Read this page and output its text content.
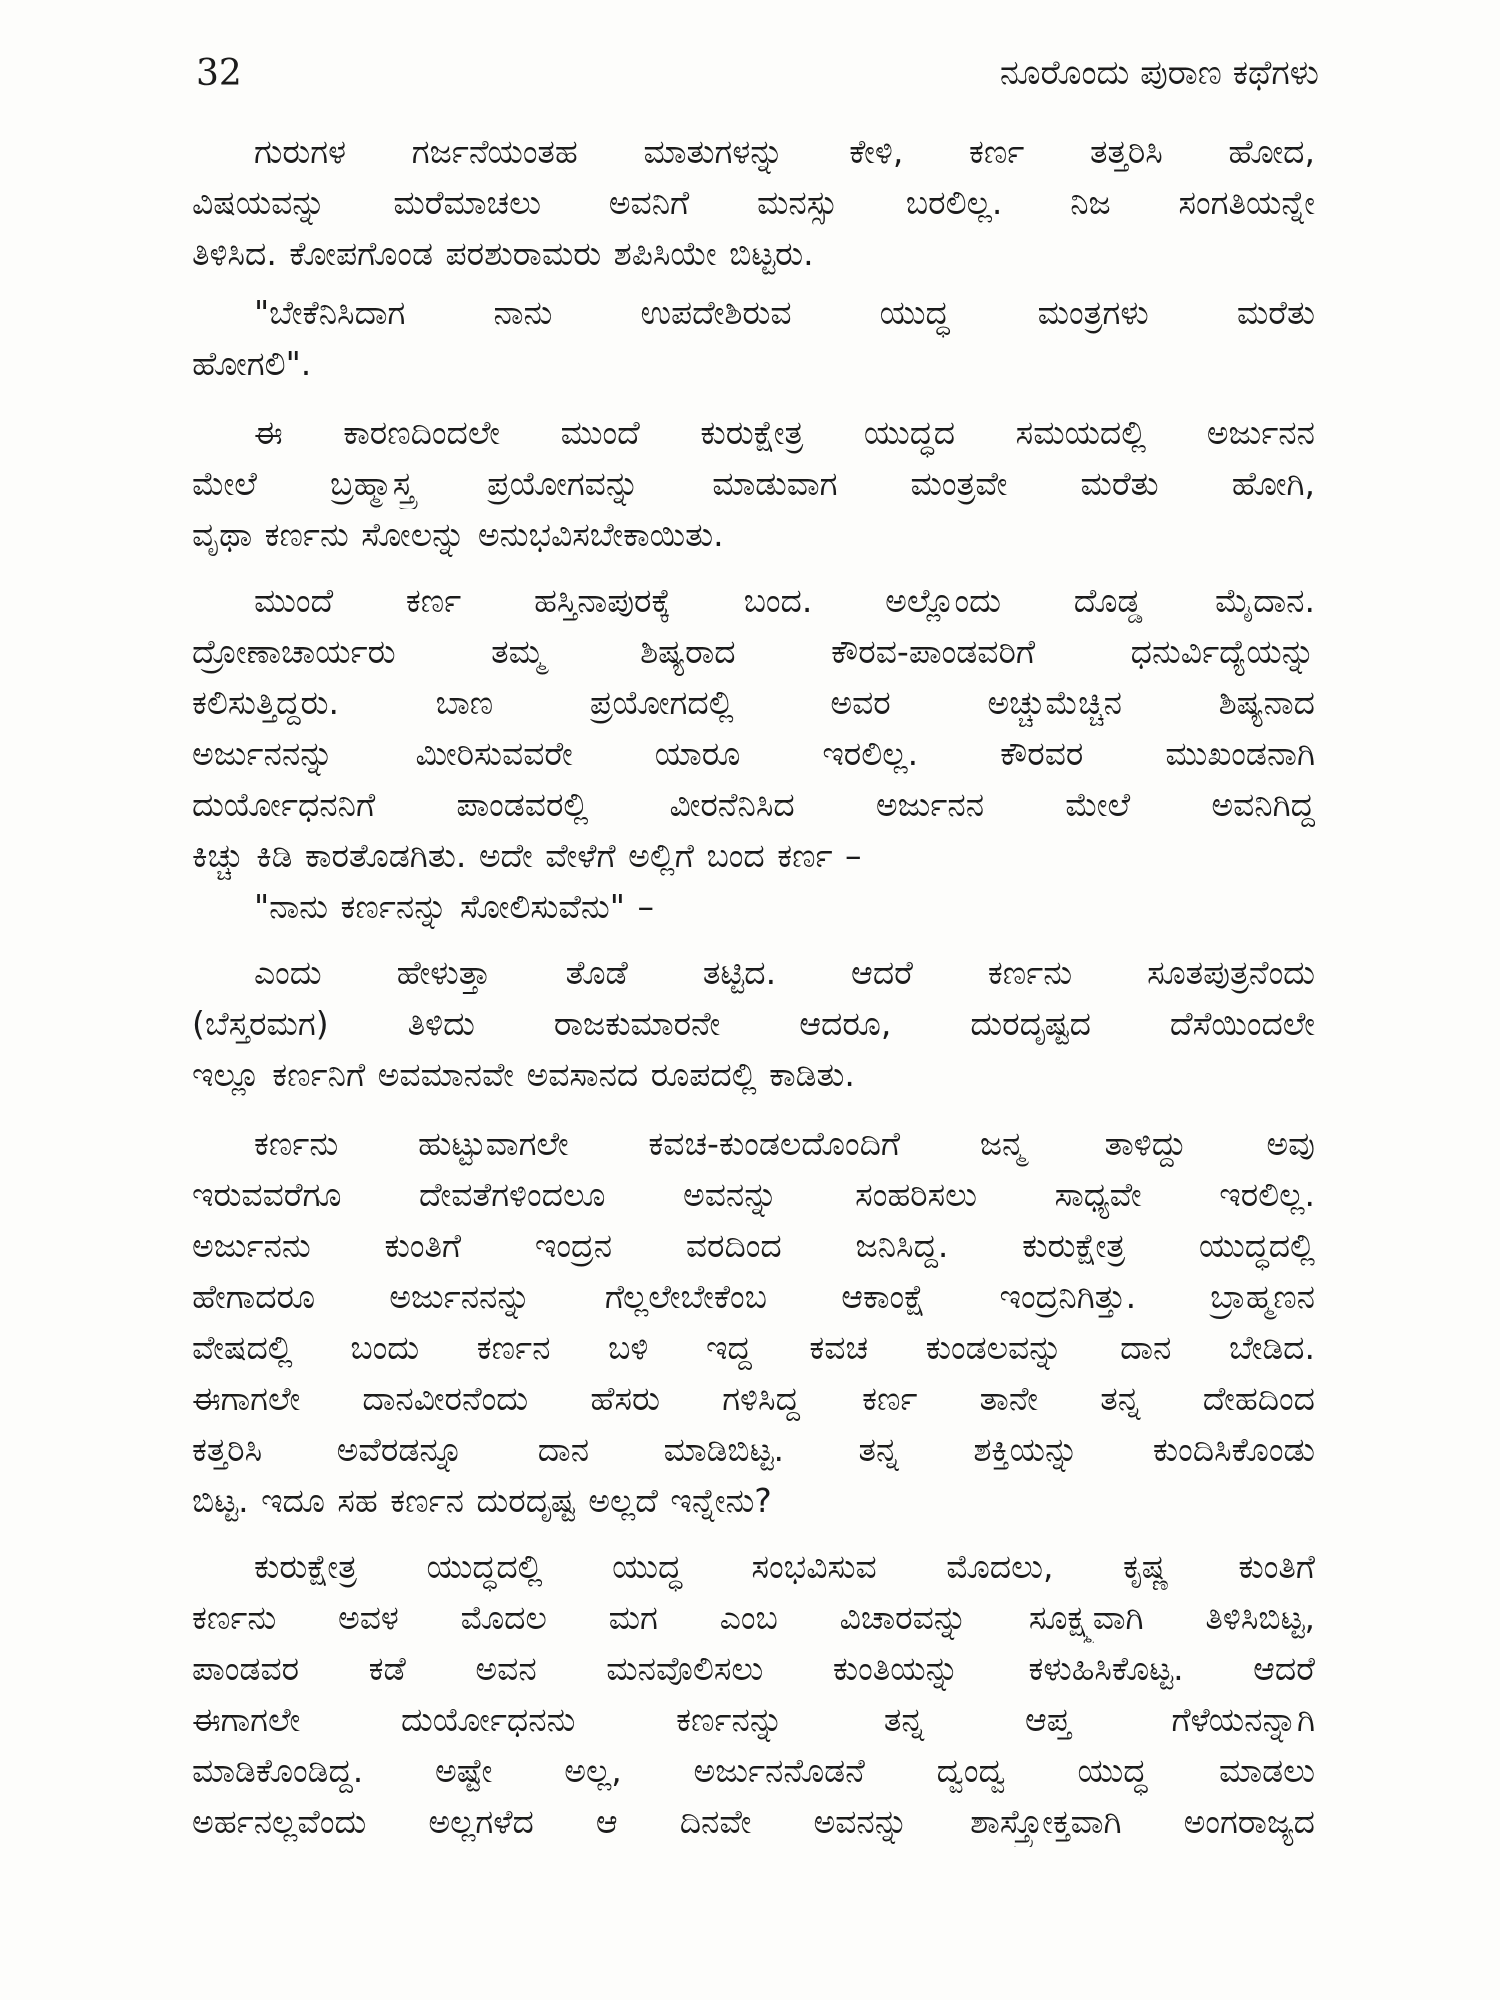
32	ನೂರೊಂದು ಪುರಾಣ ಕಥೆಗಳು
ಗುರುಗಳ ಗರ್ಜನೆಯಂತಹ ಮಾತುಗಳನ್ನು ಕೇಳಿ, ಕರ್ಣ ತತ್ತರಿಸಿ ಹೋದ,
ವಿಷಯವನ್ನು ಮರೆಮಾಚಲು ಅವನಿಗೆ ಮನಸ್ಸು ಬರಲಿಲ್ಲ. ನಿಜ ಸಂಗತಿಯನ್ನೇ
ತಿಳಿಸಿದ. ಕೋಪಗೊಂಡ ಪರಶುರಾಮರು ಶಪಿಸಿಯೇ ಬಿಟ್ಟರು.
"ಬೇಕೆನಿಸಿದಾಗ ನಾನು ಉಪದೇಶಿರುವ ಯುದ್ಧ ಮಂತ್ರಗಳು ಮರೆತು
ಹೋಗಲಿ".
ಈ ಕಾರಣದಿಂದಲೇ ಮುಂದೆ ಕುರುಕ್ಷೇತ್ರ ಯುದ್ಧದ ಸಮಯದಲ್ಲಿ ಅರ್ಜುನನ
ಮೇಲೆ ಬ್ರಹ್ಮಾಸ್ತ್ರ ಪ್ರಯೋಗವನ್ನು ಮಾಡುವಾಗ ಮಂತ್ರವೇ ಮರೆತು ಹೋಗಿ,
ವೃಥಾ ಕರ್ಣನು ಸೋಲನ್ನು ಅನುಭವಿಸಬೇಕಾಯಿತು.
ಮುಂದೆ ಕರ್ಣ ಹಸ್ತಿನಾಪುರಕ್ಕೆ ಬಂದ. ಅಲ್ಲೊಂದು ದೊಡ್ಡ ಮೈದಾನ.
ದ್ರೋಣಾಚಾರ್ಯರು ತಮ್ಮ ಶಿಷ್ಯರಾದ ಕೌರವ-ಪಾಂಡವರಿಗೆ ಧನುರ್ವಿದ್ಯೆಯನ್ನು
ಕಲಿಸುತ್ತಿದ್ದರು. ಬಾಣ ಪ್ರಯೋಗದಲ್ಲಿ ಅವರ ಅಚ್ಚುಮೆಚ್ಚಿನ ಶಿಷ್ಯನಾದ
ಅರ್ಜುನನನ್ನು ಮೀರಿಸುವವರೇ ಯಾರೂ ಇರಲಿಲ್ಲ. ಕೌರವರ ಮುಖಂಡನಾಗಿ
ದುರ್ಯೋಧನನಿಗೆ ಪಾಂಡವರಲ್ಲಿ ವೀರನೆನಿಸಿದ ಅರ್ಜುನನ ಮೇಲೆ ಅವನಿಗಿದ್ದ
ಕಿಚ್ಚು ಕಿಡಿ ಕಾರತೊಡಗಿತು. ಅದೇ ವೇಳೆಗೆ ಅಲ್ಲಿಗೆ ಬಂದ ಕರ್ಣ –
"ನಾನು ಕರ್ಣನನ್ನು ಸೋಲಿಸುವೆನು" –
ಎಂದು ಹೇಳುತ್ತಾ ತೊಡೆ ತಟ್ಟಿದ. ಆದರೆ ಕರ್ಣನು ಸೂತಪುತ್ರನೆಂದು
(ಬೆಸ್ತರಮಗ) ತಿಳಿದು ರಾಜಕುಮಾರನೇ ಆದರೂ, ದುರದೃಷ್ಟದ ದೆಸೆಯಿಂದಲೇ
ಇಲ್ಲೂ ಕರ್ಣನಿಗೆ ಅವಮಾನವೇ ಅವಸಾನದ ರೂಪದಲ್ಲಿ ಕಾಡಿತು.
ಕರ್ಣನು ಹುಟ್ಟುವಾಗಲೇ ಕವಚ-ಕುಂಡಲದೊಂದಿಗೆ ಜನ್ಮ ತಾಳಿದ್ದು ಅವು
ಇರುವವರೆಗೂ ದೇವತೆಗಳಿಂದಲೂ ಅವನನ್ನು ಸಂಹರಿಸಲು ಸಾಧ್ಯವೇ ಇರಲಿಲ್ಲ.
ಅರ್ಜುನನು ಕುಂತಿಗೆ ಇಂದ್ರನ ವರದಿಂದ ಜನಿಸಿದ್ದ. ಕುರುಕ್ಷೇತ್ರ ಯುದ್ಧದಲ್ಲಿ
ಹೇಗಾದರೂ ಅರ್ಜುನನನ್ನು ಗೆಲ್ಲಲೇಬೇಕೆಂಬ ಆಕಾಂಕ್ಷೆ ಇಂದ್ರನಿಗಿತ್ತು. ಬ್ರಾಹ್ಮಣನ
ವೇಷದಲ್ಲಿ ಬಂದು ಕರ್ಣನ ಬಳಿ ಇದ್ದ ಕವಚ ಕುಂಡಲವನ್ನು ದಾನ ಬೇಡಿದ.
ಈಗಾಗಲೇ ದಾನವೀರನೆಂದು ಹೆಸರು ಗಳಿಸಿದ್ದ ಕರ್ಣ ತಾನೇ ತನ್ನ ದೇಹದಿಂದ
ಕತ್ತರಿಸಿ ಅವೆರಡನ್ನೂ ದಾನ ಮಾಡಿಬಿಟ್ಟ. ತನ್ನ ಶಕ್ತಿಯನ್ನು ಕುಂದಿಸಿಕೊಂಡು
ಬಿಟ್ಟ. ಇದೂ ಸಹ ಕರ್ಣನ ದುರದೃಷ್ಟ ಅಲ್ಲದೆ ಇನ್ನೇನು?
ಕುರುಕ್ಷೇತ್ರ ಯುದ್ಧದಲ್ಲಿ ಯುದ್ಧ ಸಂಭವಿಸುವ ಮೊದಲು, ಕೃಷ್ಣ ಕುಂತಿಗೆ
ಕರ್ಣನು ಅವಳ ಮೊದಲ ಮಗ ಎಂಬ ವಿಚಾರವನ್ನು ಸೂಕ್ಷ್ಮವಾಗಿ ತಿಳಿಸಿಬಿಟ್ಟ,
ಪಾಂಡವರ ಕಡೆ ಅವನ ಮನವೊಲಿಸಲು ಕುಂತಿಯನ್ನು ಕಳುಹಿಸಿಕೊಟ್ಟ. ಆದರೆ
ಈಗಾಗಲೇ ದುರ್ಯೋಧನನು ಕರ್ಣನನ್ನು ತನ್ನ ಆಪ್ತ ಗೆಳೆಯನನ್ನಾಗಿ
ಮಾಡಿಕೊಂಡಿದ್ದ. ಅಷ್ಟೇ ಅಲ್ಲ, ಅರ್ಜುನನೊಡನೆ ದ್ವಂದ್ವ ಯುದ್ಧ ಮಾಡಲು
ಅರ್ಹನಲ್ಲವೆಂದು ಅಲ್ಲಗಳೆದ ಆ ದಿನವೇ ಅವನನ್ನು ಶಾಸ್ತ್ರೋಕ್ತವಾಗಿ ಅಂಗರಾಜ್ಯದ
